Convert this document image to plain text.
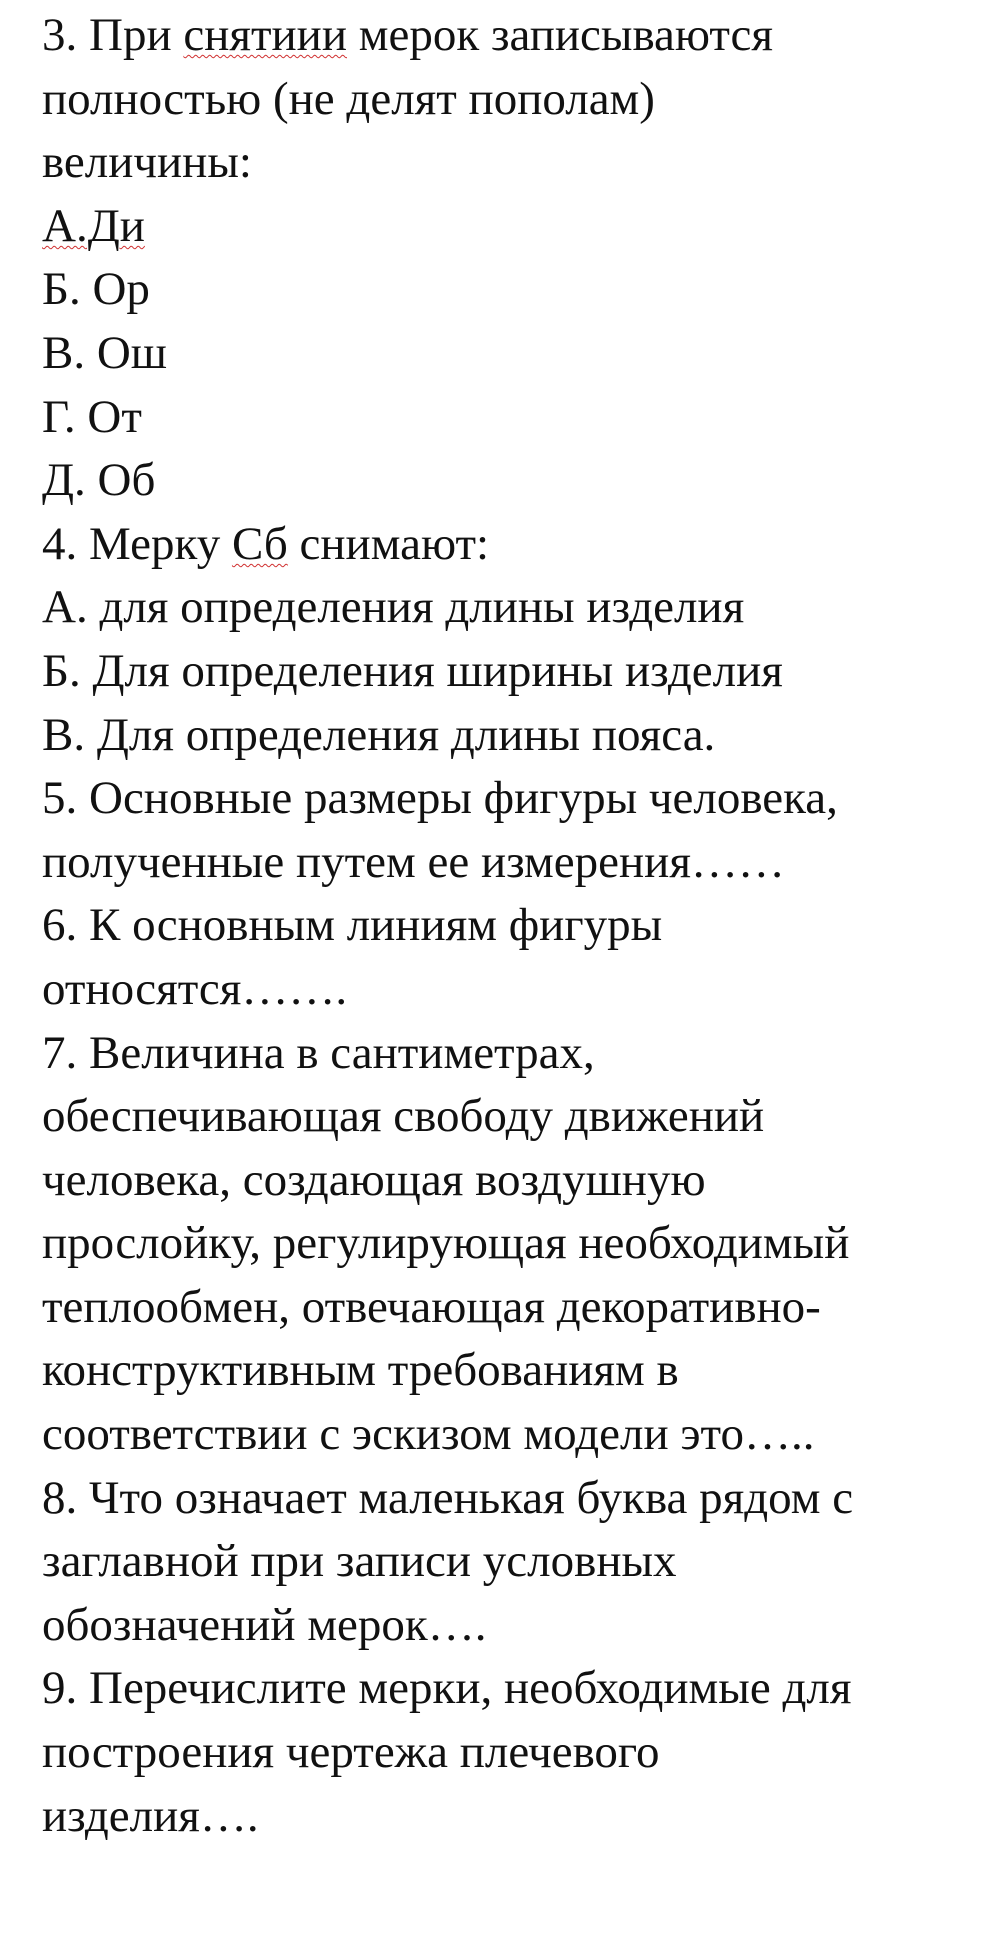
3. При снятиии мерок записываются
полностью (не делят пополам)
величины:
А.Ди
Б. Ор
В. Ош
Г. От
Д. Об
4. Мерку Сб снимают:
А. для определения длины изделия
Б. Для определения ширины изделия
В. Для определения длины пояса.
5. Основные размеры фигуры человека,
полученные путем ее измерения……
6. К основным линиям фигуры
относятся…….
7. Величина в сантиметрах,
обеспечивающая свободу движений
человека, создающая воздушную
прослойку, регулирующая необходимый
теплообмен, отвечающая декоративно-
конструктивным требованиям в
соответствии с эскизом модели это…..
8. Что означает маленькая буква рядом с
заглавной при записи условных
обозначений мерок….
9. Перечислите мерки, необходимые для
построения чертежа плечевого
изделия….
